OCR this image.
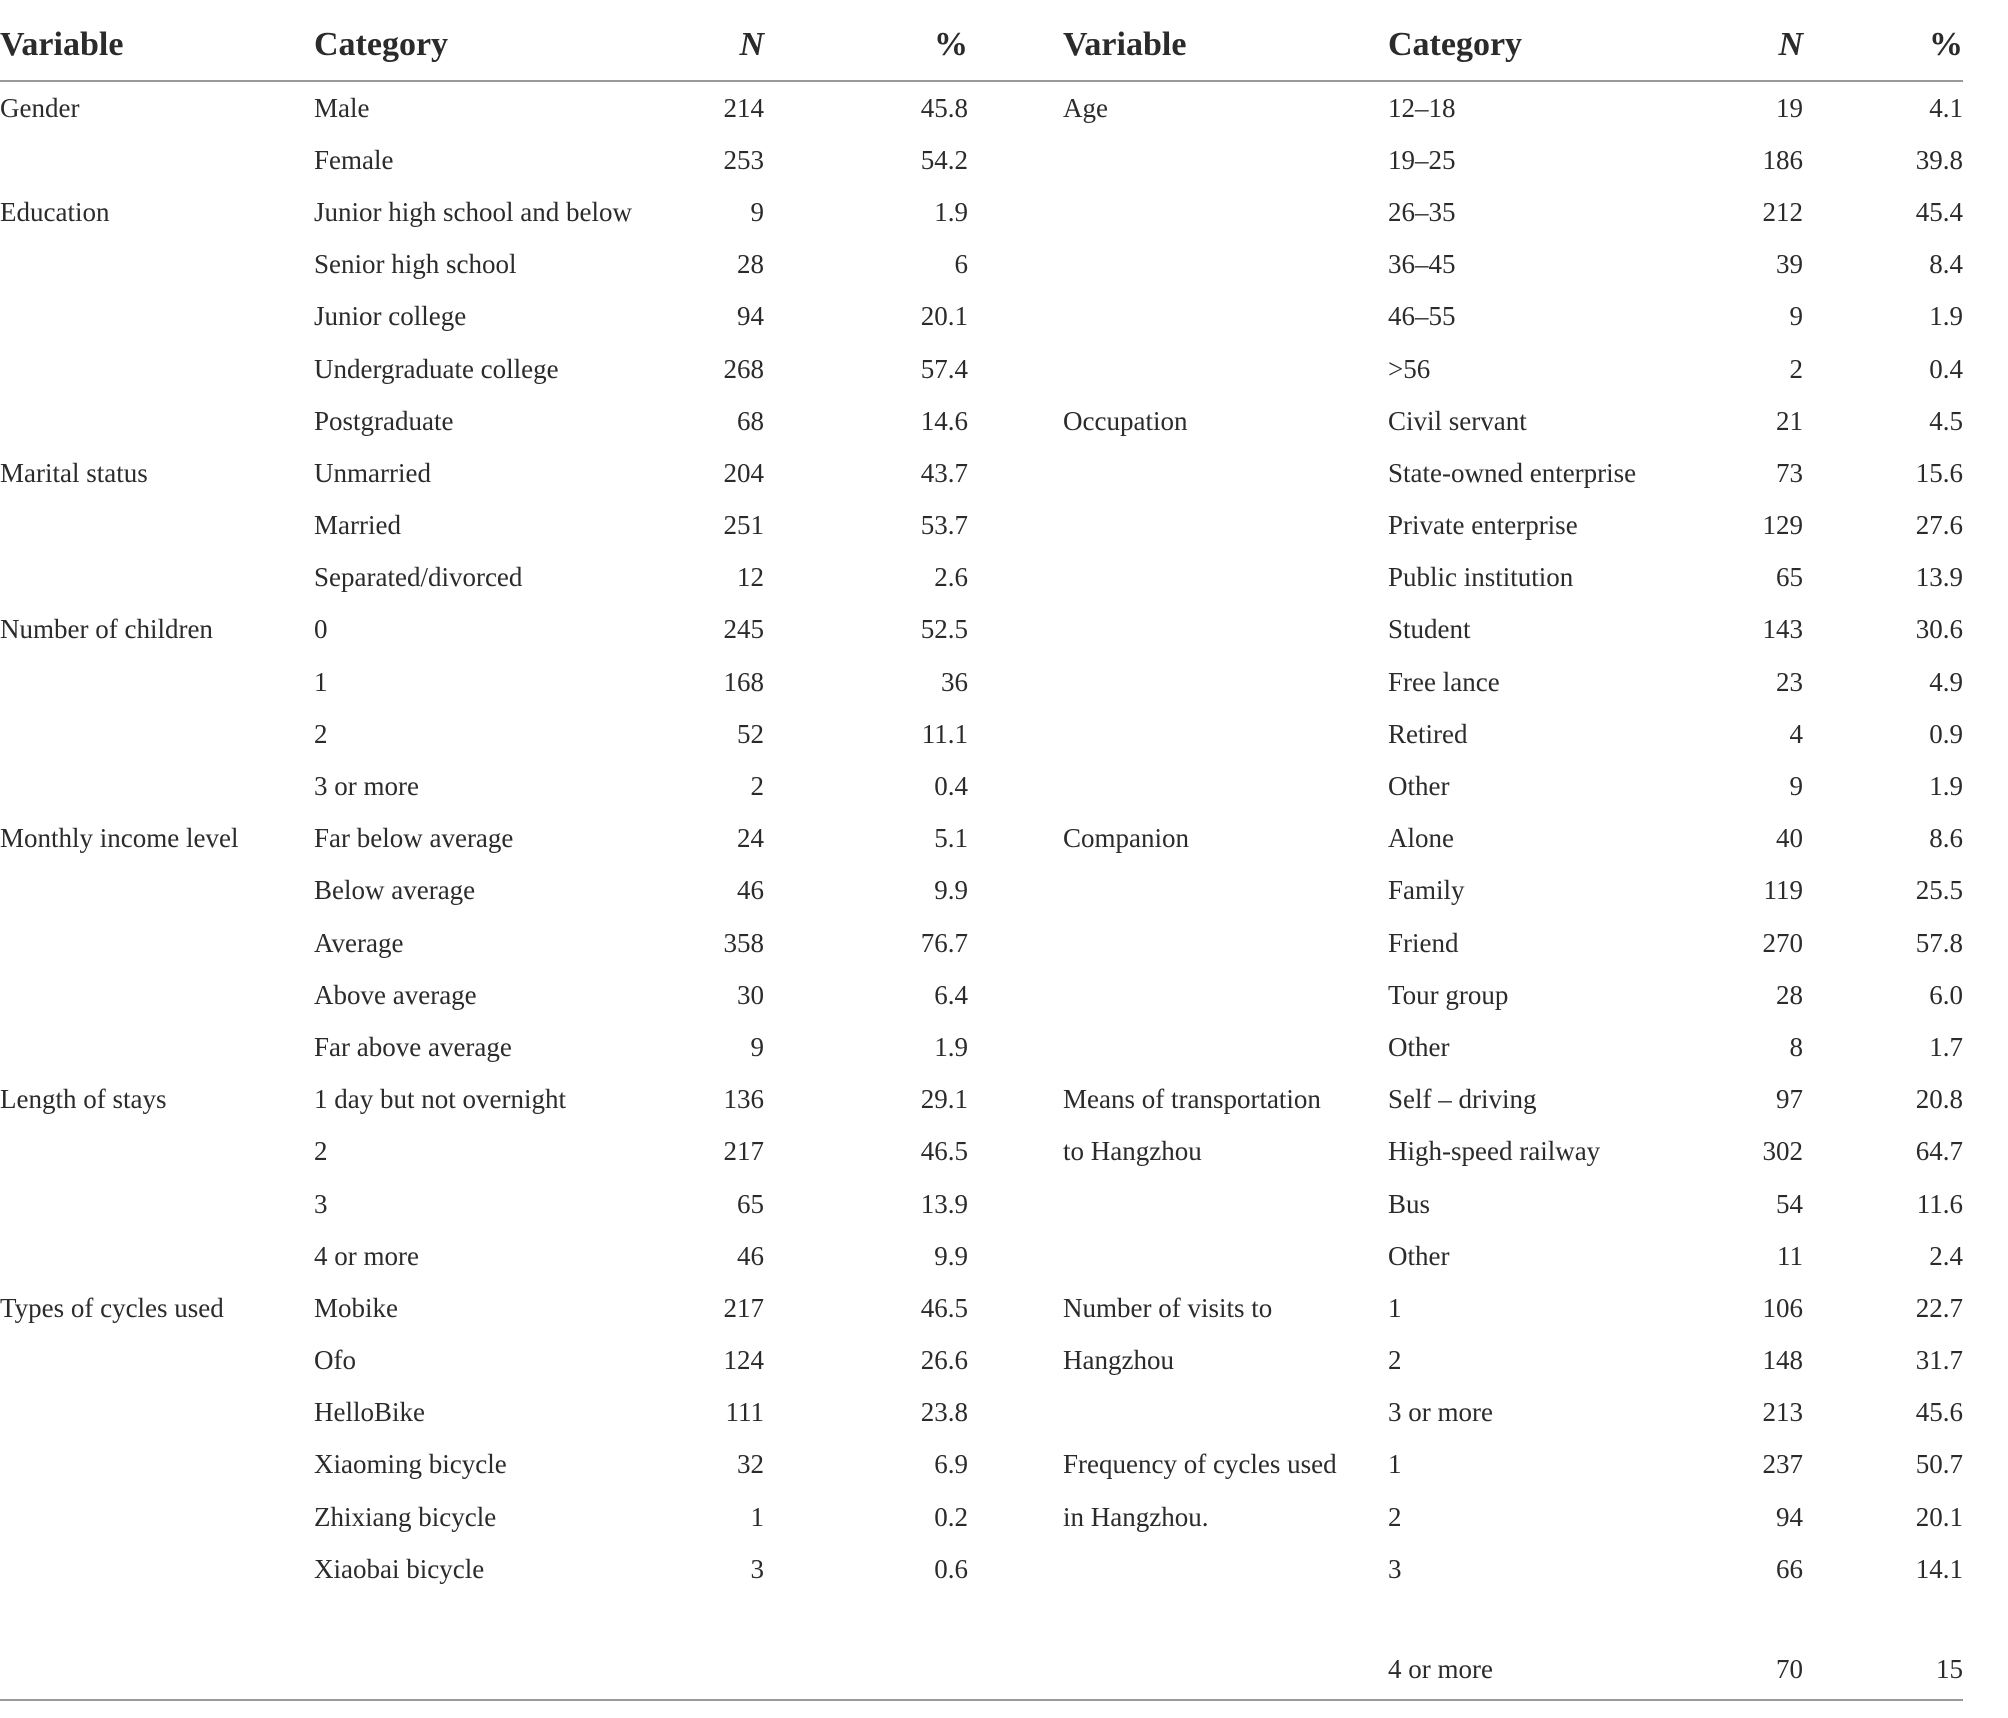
Variable	Category	N	%		Variable	Category	N	%
Gender	Male	214	45.8		Age	12–18	19	4.1
	Female	253	54.2			19–25	186	39.8
Education	Junior high school and below	9	1.9			26–35	212	45.4
	Senior high school	28	6			36–45	39	8.4
	Junior college	94	20.1			46–55	9	1.9
	Undergraduate college	268	57.4			>56	2	0.4
	Postgraduate	68	14.6		Occupation	Civil servant	21	4.5
Marital status	Unmarried	204	43.7			State-owned enterprise	73	15.6
	Married	251	53.7			Private enterprise	129	27.6
	Separated/divorced	12	2.6			Public institution	65	13.9
Number of children	0	245	52.5			Student	143	30.6
	1	168	36			Free lance	23	4.9
	2	52	11.1			Retired	4	0.9
	3 or more	2	0.4			Other	9	1.9
Monthly income level	Far below average	24	5.1		Companion	Alone	40	8.6
	Below average	46	9.9			Family	119	25.5
	Average	358	76.7			Friend	270	57.8
	Above average	30	6.4			Tour group	28	6.0
	Far above average	9	1.9			Other	8	1.7
Length of stays	1 day but not overnight	136	29.1		Means of transportation	Self – driving	97	20.8
	2	217	46.5		to Hangzhou	High-speed railway	302	64.7
	3	65	13.9			Bus	54	11.6
	4 or more	46	9.9			Other	11	2.4
Types of cycles used	Mobike	217	46.5		Number of visits to	1	106	22.7
	Ofo	124	26.6		Hangzhou	2	148	31.7
	HelloBike	111	23.8			3 or more	213	45.6
	Xiaoming bicycle	32	6.9		Frequency of cycles used	1	237	50.7
	Zhixiang bicycle	1	0.2		in Hangzhou.	2	94	20.1
	Xiaobai bicycle	3	0.6			3	66	14.1
						4 or more	70	15
